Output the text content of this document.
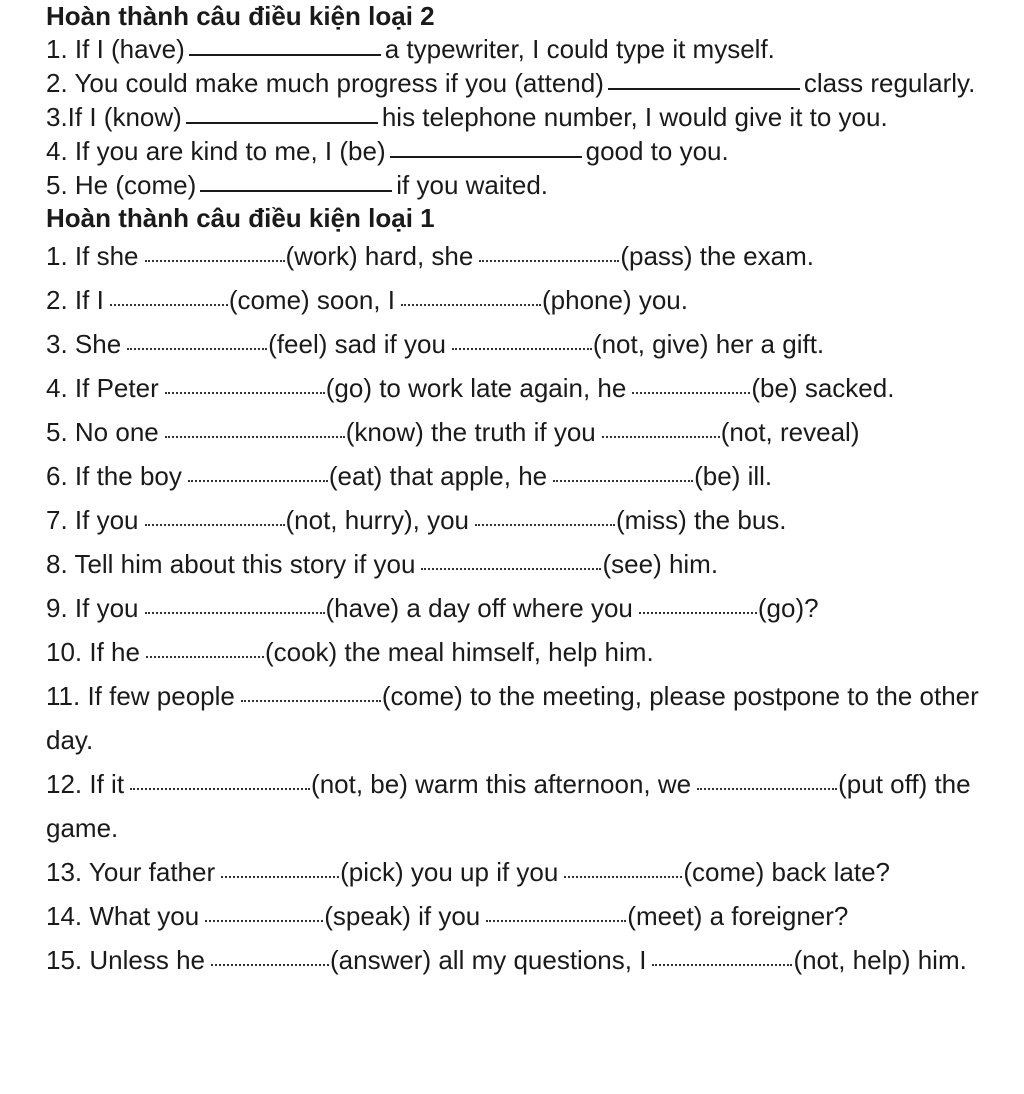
Hoàn thành câu điều kiện loại 2
1. If I (have)	a typewriter, I could type it myself.
2. You could make much progress if you (attend)	class regularly.
3.If I (know)	his telephone number, I would give it to you.
4. If you are kind to me, I (be)	good to you.
5. He (come)	if you waited.
Hoàn thành câu điều kiện loại 1
1. If she	(work) hard, she	(pass) the exam.
2. If I	(come) soon, I	(phone) you.
3. She	(feel) sad if you	(not, give) her a gift.
4. If Peter	(go) to work late again, he	(be) sacked.
5. No one	(know) the truth if you	(not, reveal)
6. If the boy	(eat) that apple, he	(be) ill.
7. If you	(not, hurry), you	(miss) the bus.
8. Tell him about this story if you	(see) him.
9. If you	(have) a day off where you	(go)?
10. If he	(cook) the meal himself, help him.
11. If few people	(come) to the meeting, please postpone to the other day.
12. If it	(not, be) warm this afternoon, we	(put off) the game.
13. Your father	(pick) you up if you	(come) back late?
14. What you	(speak) if you	(meet) a foreigner?
15. Unless he	(answer) all my questions, I	(not, help) him.
